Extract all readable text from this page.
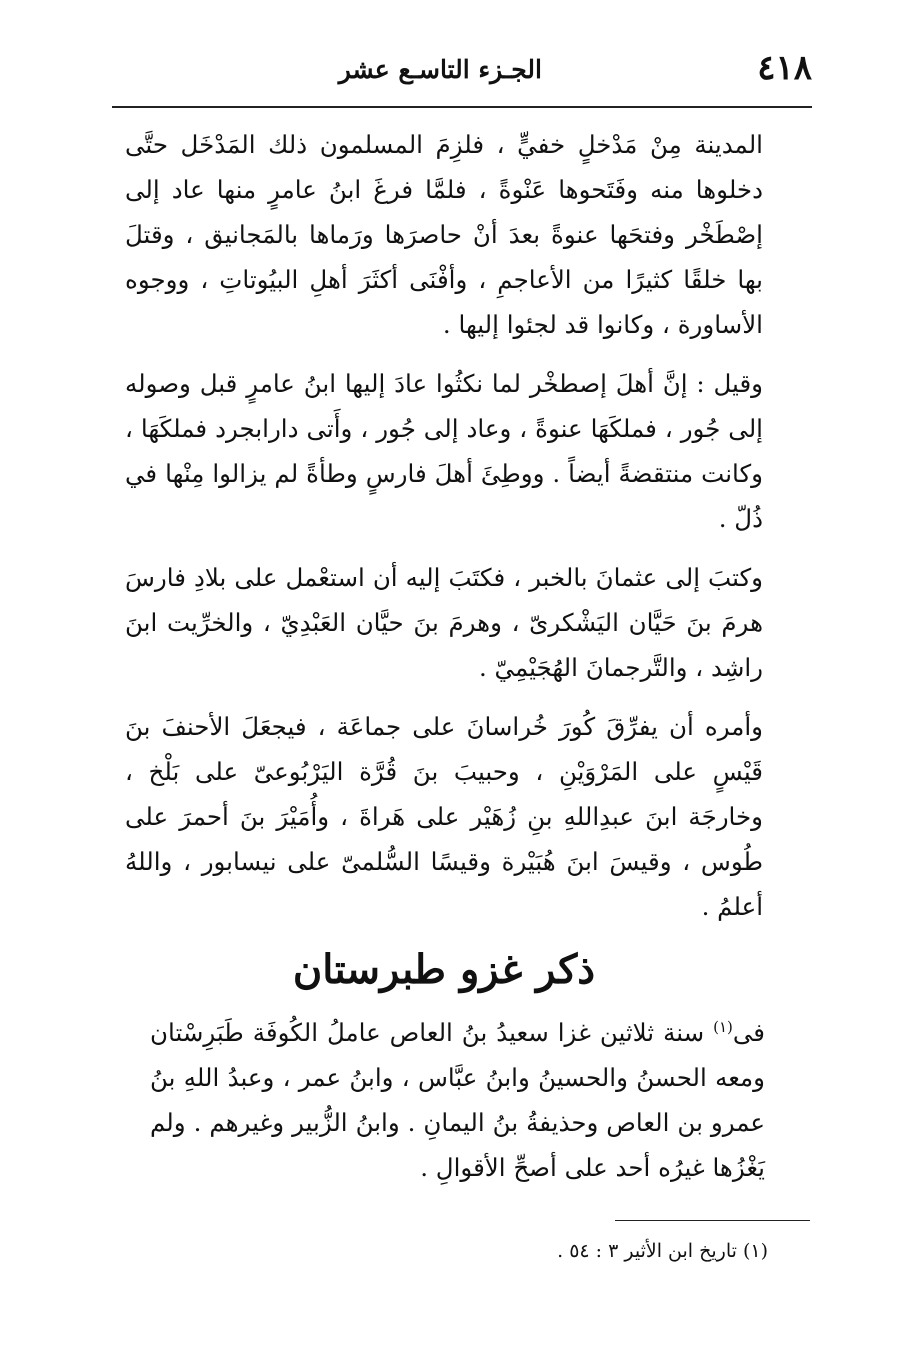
٤١٨
الجـزء التاسـع عشر

المدينة مِنْ مَدْخلٍ خفيٍّ ، فلزِمَ المسلمون ذلك المَدْخَل حتَّى دخلوها منه وفَتَحوها عَنْوةً ، فلمَّا فرغَ ابنُ عامرٍ منها عاد إلى إصْطَخْر وفتحَها عنوةً بعدَ أنْ حاصرَها ورَماها بالمَجانيق ، وقتلَ بها خلقًا كثيرًا من الأعاجمِ ، وأفْنَى أكثَرَ أهلِ البيُوتاتِ ، ووجوه الأساورة ، وكانوا قد لجئوا إليها .

وقيل : إنَّ أهلَ إصطخْر لما نكثُوا عادَ إليها ابنُ عامرٍ قبل وصوله إلى جُور ، فملكَهَا عنوةً ، وعاد إلى جُور ، وأَتى دارابجرد فملكَهَا ، وكانت منتقضةً أيضاً . ووطِئَ أهلَ فارسٍ وطأةً لم يزالوا مِنْها في ذُلّ .

وكتبَ إلى عثمانَ بالخبر ، فكتَبَ إليه أن استعْمل على بلادِ فارسَ هرمَ بنَ حَيَّان اليَشْكرىّ ، وهرمَ بنَ حيَّان العَبْدِيّ ، والخرِّيت ابنَ راشِد ، والتَّرجمانَ الهُجَيْمِيّ .

وأمره أن يفرِّقَ كُورَ خُراسانَ على جماعَة ، فيجعَلَ الأحنفَ بنَ قَيْسٍ على المَرْوَيْنِ ، وحبيبَ بنَ قُرَّة اليَرْبُوعىّ على بَلْخ ، وخارجَة ابنَ عبدِاللهِ بنِ زُهَيْر على هَراةَ ، وأُمَيْرَ بنَ أحمرَ على طُوس ، وقيسَ ابنَ هُبَيْرة وقيسًا السُّلمىّ على نيسابور ، واللهُ أعلمُ .

ذكر غزو طبرستان
فى$^{(١)}$ سنة ثلاثين غزا سعيدُ بنُ العاص عاملُ الكُوفَة طَبَرِسْتان ومعه الحسنُ والحسينُ وابنُ عبَّاس ، وابنُ عمر ، وعبدُ اللهِ بنُ عمرو بن العاص وحذيفةُ بنُ اليمانِ . وابنُ الزُّبير وغيرهم . ولم يَغْزُها غيرُه أحد على أصحِّ الأقوالِ .
(١) تاريخ ابن الأثير ٣ : ٥٤ .
